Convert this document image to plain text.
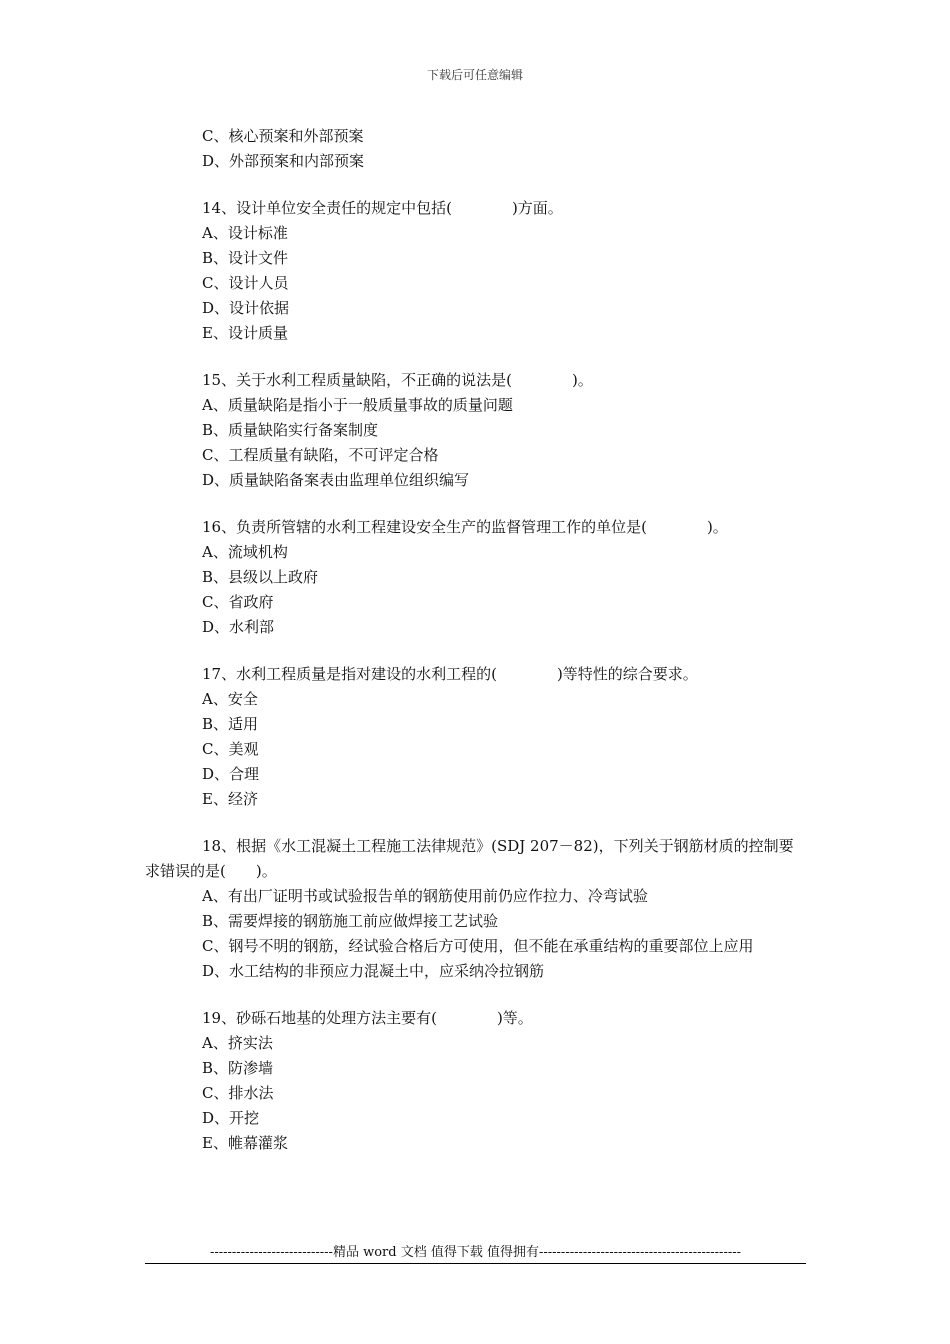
下载后可任意编辑
C、核心预案和外部预案
D、外部预案和内部预案
14、设计单位安全责任的规定中包括(　　　　)方面。
A、设计标准
B、设计文件
C、设计人员
D、设计依据
E、设计质量
15、关于水利工程质量缺陷，不正确的说法是(　　　　)。
A、质量缺陷是指小于一般质量事故的质量问题
B、质量缺陷实行备案制度
C、工程质量有缺陷，不可评定合格
D、质量缺陷备案表由监理单位组织编写
16、负责所管辖的水利工程建设安全生产的监督管理工作的单位是(　　　　)。
A、流域机构
B、县级以上政府
C、省政府
D、水利部
17、水利工程质量是指对建设的水利工程的(　　　　)等特性的综合要求。
A、安全
B、适用
C、美观
D、合理
E、经济
18、根据《水工混凝土工程施工法律规范》(SDJ 207－82)，下列关于钢筋材质的控制要求错误的是(　　)。
A、有出厂证明书或试验报告单的钢筋使用前仍应作拉力、冷弯试验
B、需要焊接的钢筋施工前应做焊接工艺试验
C、钢号不明的钢筋，经试验合格后方可使用，但不能在承重结构的重要部位上应用
D、水工结构的非预应力混凝土中，应采纳冷拉钢筋
19、砂砾石地基的处理方法主要有(　　　　)等。
A、挤实法
B、防渗墙
C、排水法
D、开挖
E、帷幕灌浆
----------------------------精品 word 文档 值得下载 值得拥有----------------------------------------------
